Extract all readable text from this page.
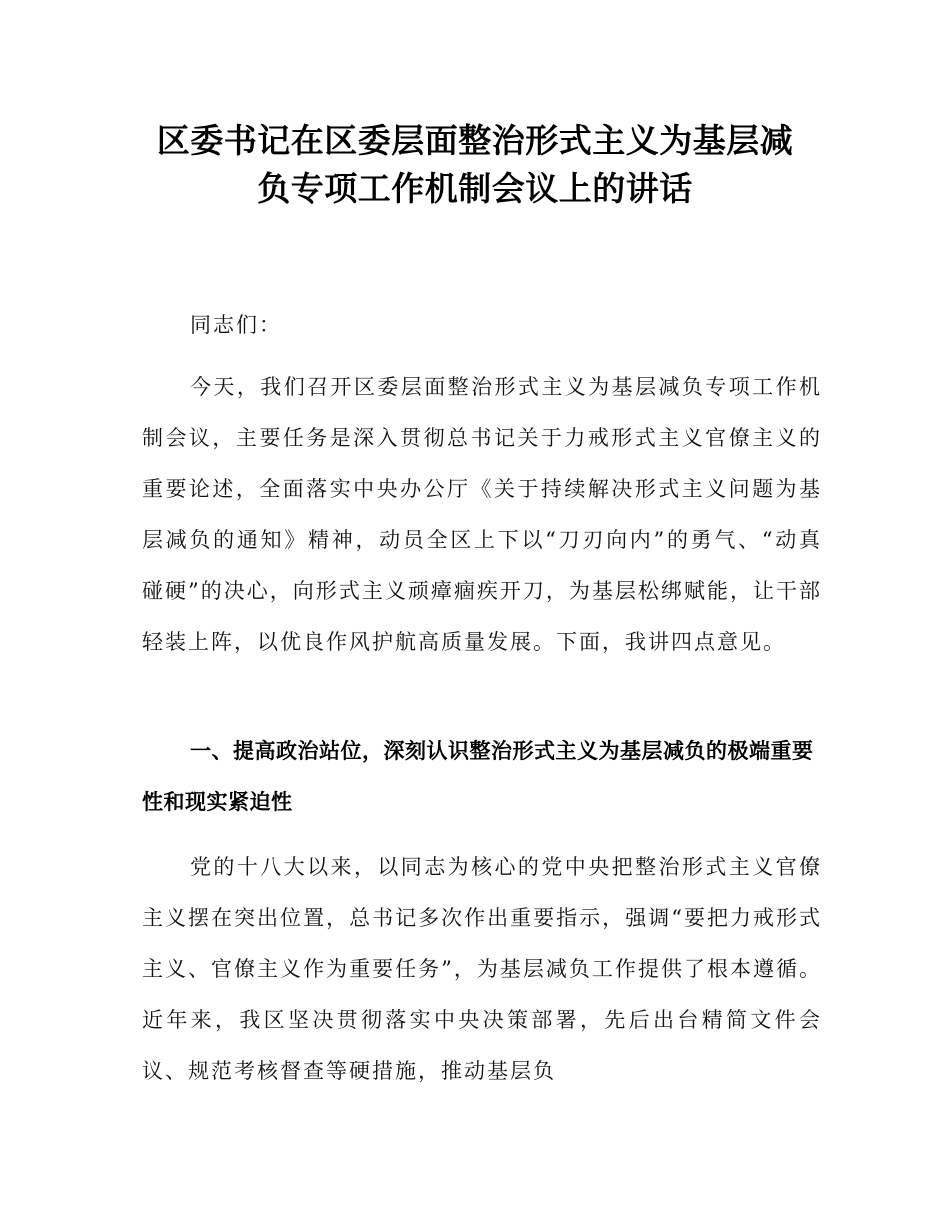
区委书记在区委层面整治形式主义为基层减
负专项工作机制会议上的讲话

同志们：

今天，我们召开区委层面整治形式主义为基层减负专项工作机制会议，主要任务是深入贯彻总书记关于力戒形式主义官僚主义的重要论述，全面落实中央办公厅《关于持续解决形式主义问题为基层减负的通知》精神，动员全区上下以“刀刃向内”的勇气、“动真碰硬”的决心，向形式主义顽瘴痼疾开刀，为基层松绑赋能，让干部轻装上阵，以优良作风护航高质量发展。下面，我讲四点意见。

一、提高政治站位，深刻认识整治形式主义为基层减负的极端重要性和现实紧迫性

党的十八大以来，以同志为核心的党中央把整治形式主义官僚主义摆在突出位置，总书记多次作出重要指示，强调“要把力戒形式主义、官僚主义作为重要任务”，为基层减负工作提供了根本遵循。近年来，我区坚决贯彻落实中央决策部署，先后出台精简文件会议、规范考核督查等硬措施，推动基层负
